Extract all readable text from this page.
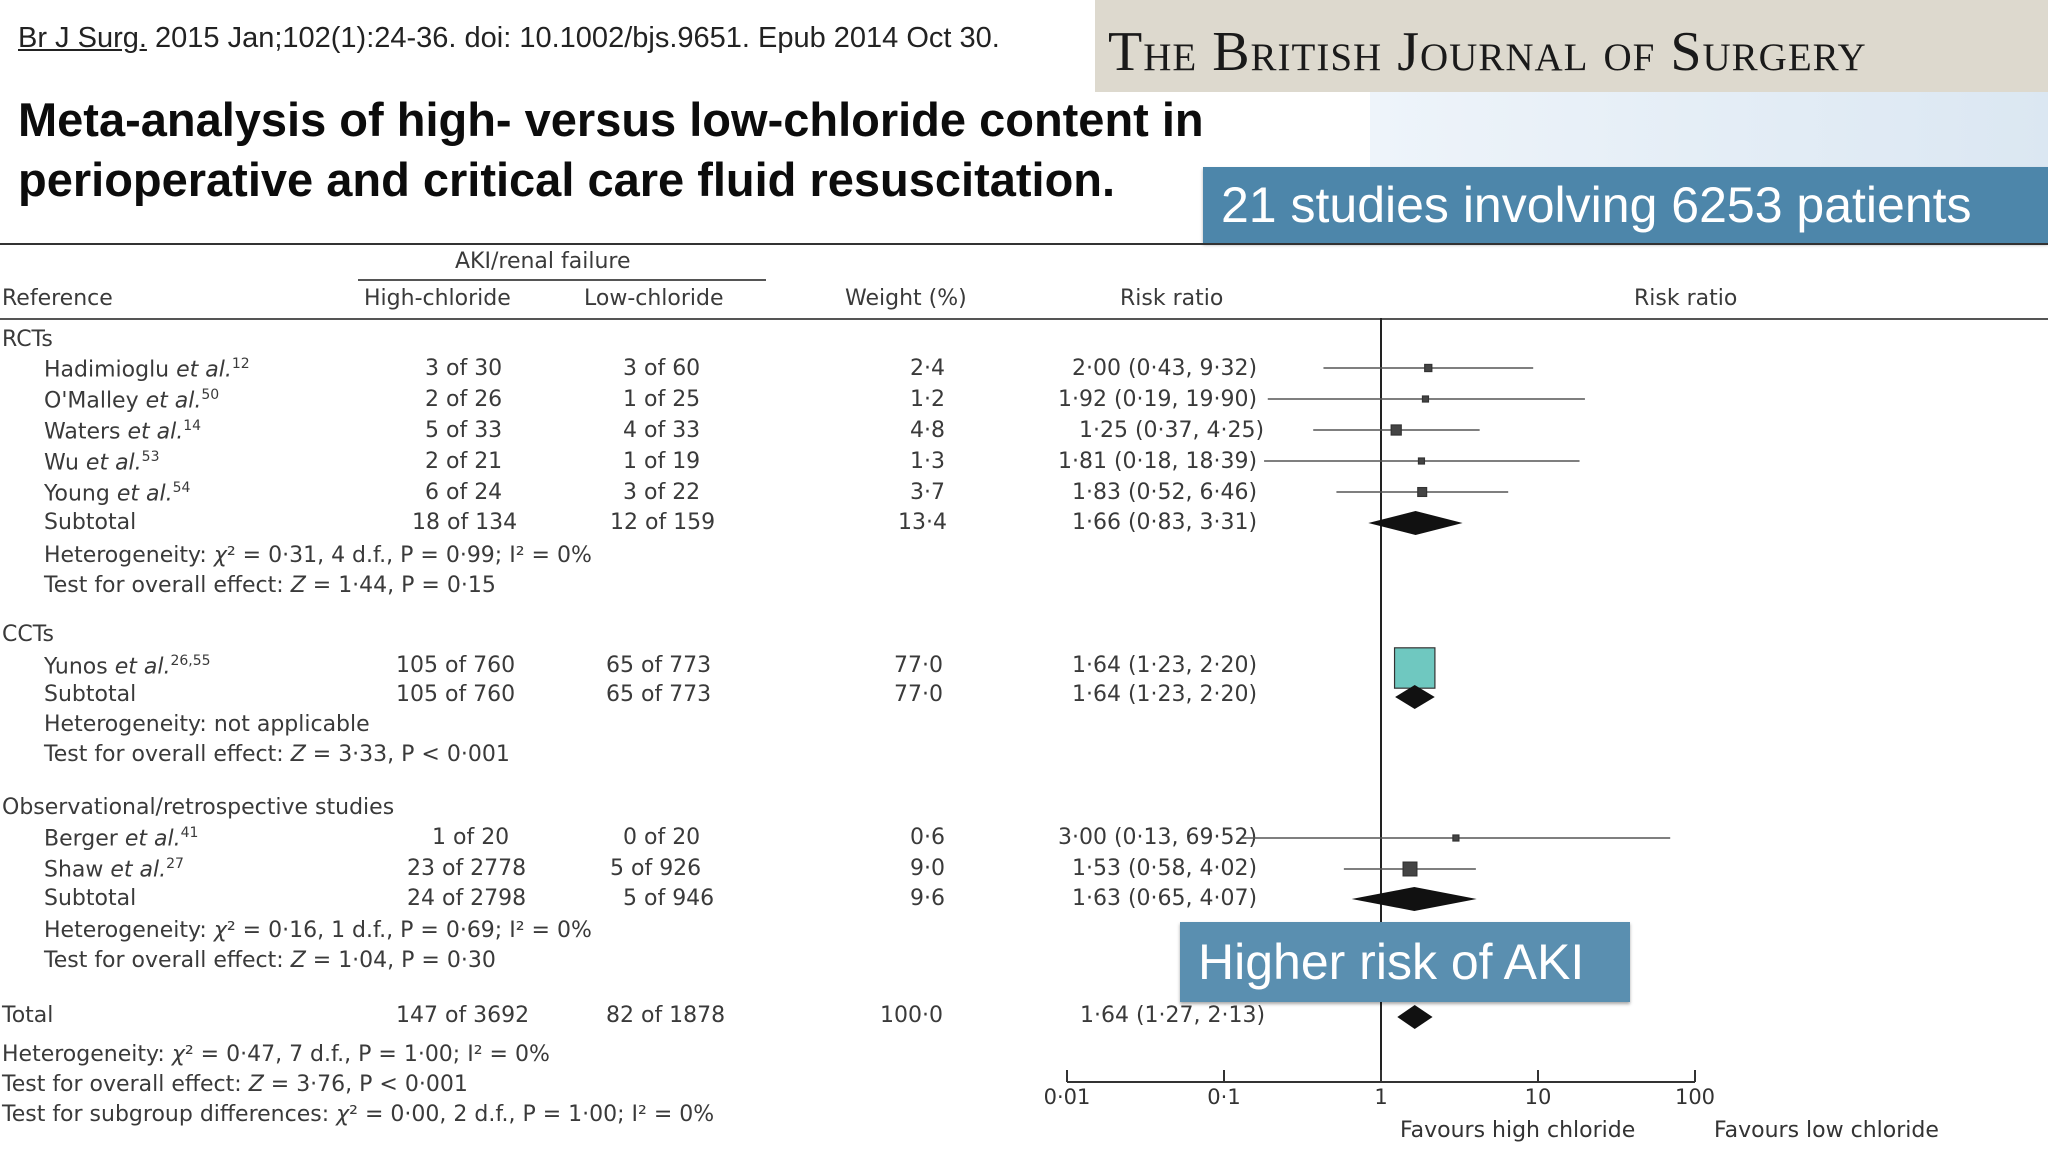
Br J Surg. 2015 Jan;102(1):24-36. doi: 10.1002/bjs.9651. Epub 2014 Oct 30. The British Journal of Surgery
Meta-analysis of high- versus low-chloride content in
perioperative and critical care fluid resuscitation.	21 studies involving 6253 patients
AKI/renal failure
Reference	High-chloride	Low-chloride	Weight (%)	Risk ratio	Risk ratio
RCTs
Hadimioglu et al.$^{12}$	3 of 30	3 of 60	2·4	2·00 (0·43, 9·32)
O'Malley et al.$^{50}$	2 of 26	1 of 25	1·2	1·92 (0·19, 19·90)
Waters et al.$^{14}$	5 of 33	4 of 33	4·8	1·25 (0·37, 4·25)
Wu et al.$^{53}$	2 of 21	1 of 19	1·3	1·81 (0·18, 18·39)
Young et al.$^{54}$	6 of 24	3 of 22	3·7	1·83 (0·52, 6·46)
Subtotal	18 of 134	12 of 159	13·4	1·66 (0·83, 3·31)
Heterogeneity: χ² = 0·31, 4 d.f., P = 0·99; I² = 0%
Test for overall effect: Z = 1·44, P = 0·15
CCTs
Yunos et al.$^{26,55}$	105 of 760	65 of 773	77·0	1·64 (1·23, 2·20)
Subtotal	105 of 760	65 of 773	77·0	1·64 (1·23, 2·20)
Heterogeneity: not applicable
Test for overall effect: Z = 3·33, P < 0·001
Observational/retrospective studies
Berger et al.$^{41}$	1 of 20	0 of 20	0·6	3·00 (0·13, 69·52)
Shaw et al.$^{27}$	23 of 2778	5 of 926	9·0	1·53 (0·58, 4·02)
Subtotal	24 of 2798	5 of 946	9·6	1·63 (0·65, 4·07)
Heterogeneity: χ² = 0·16, 1 d.f., P = 0·69; I² = 0%
Test for overall effect: Z = 1·04, P = 0·30
Total	147 of 3692	82 of 1878	100·0	1·64 (1·27, 2·13)
Heterogeneity: χ² = 0·47, 7 d.f., P = 1·00; I² = 0%
Test for overall effect: Z = 3·76, P < 0·001
Test for subgroup differences: χ² = 0·00, 2 d.f., P = 1·00; I² = 0%
0·01	0·1	1	10	100
Favours high chloride	Favours low chloride
Higher risk of AKI
